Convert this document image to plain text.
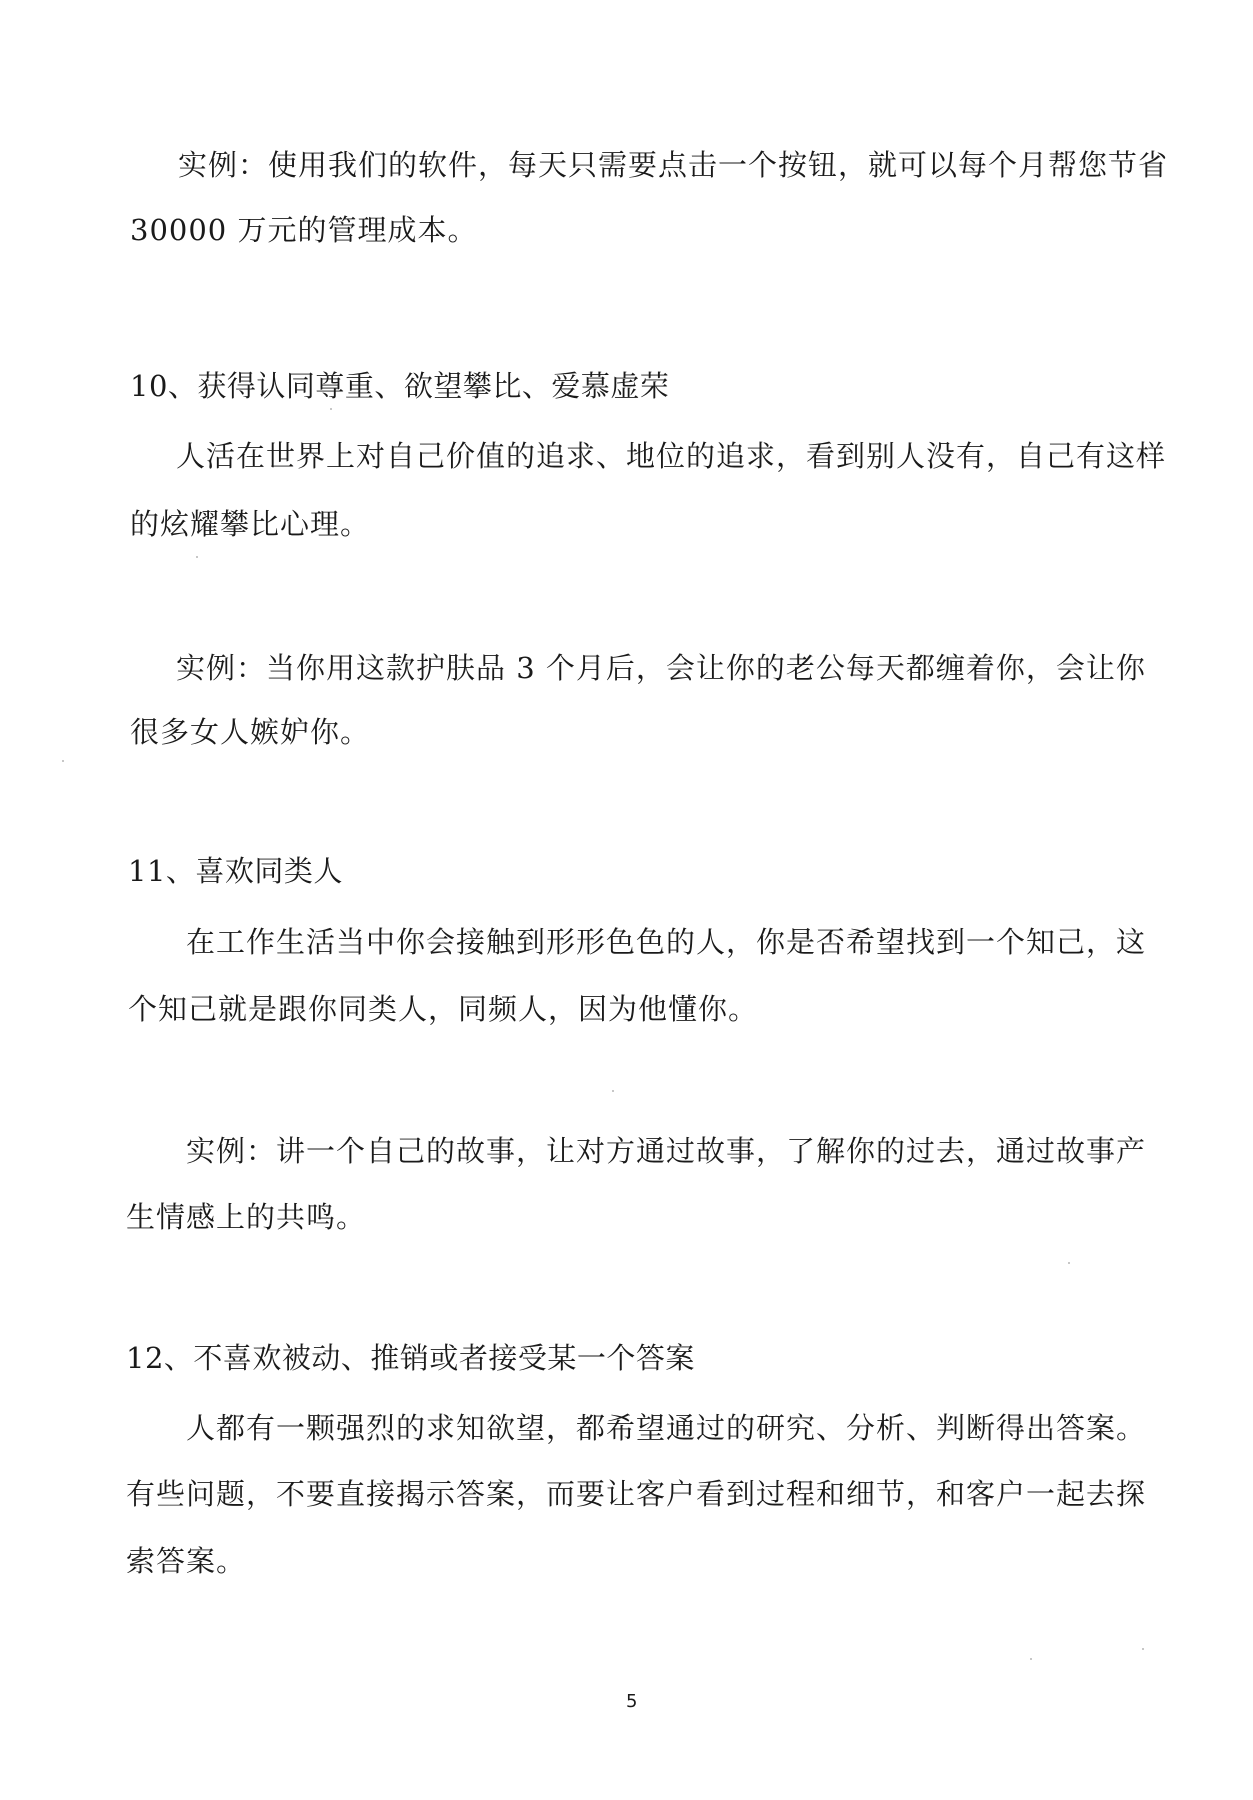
实例：使用我们的软件，每天只需要点击一个按钮，就可以每个月帮您节省
30000 万元的管理成本。
10、获得认同尊重、欲望攀比、爱慕虚荣
人活在世界上对自己价值的追求、地位的追求，看到别人没有，自己有这样
的炫耀攀比心理。
实例：当你用这款护肤品 3 个月后，会让你的老公每天都缠着你，会让你
很多女人嫉妒你。
11、喜欢同类人
在工作生活当中你会接触到形形色色的人，你是否希望找到一个知己，这
个知己就是跟你同类人，同频人，因为他懂你。
实例：讲一个自己的故事，让对方通过故事，了解你的过去，通过故事产
生情感上的共鸣。
12、不喜欢被动、推销或者接受某一个答案
人都有一颗强烈的求知欲望，都希望通过的研究、分析、判断得出答案。
有些问题，不要直接揭示答案，而要让客户看到过程和细节，和客户一起去探
索答案。
5
